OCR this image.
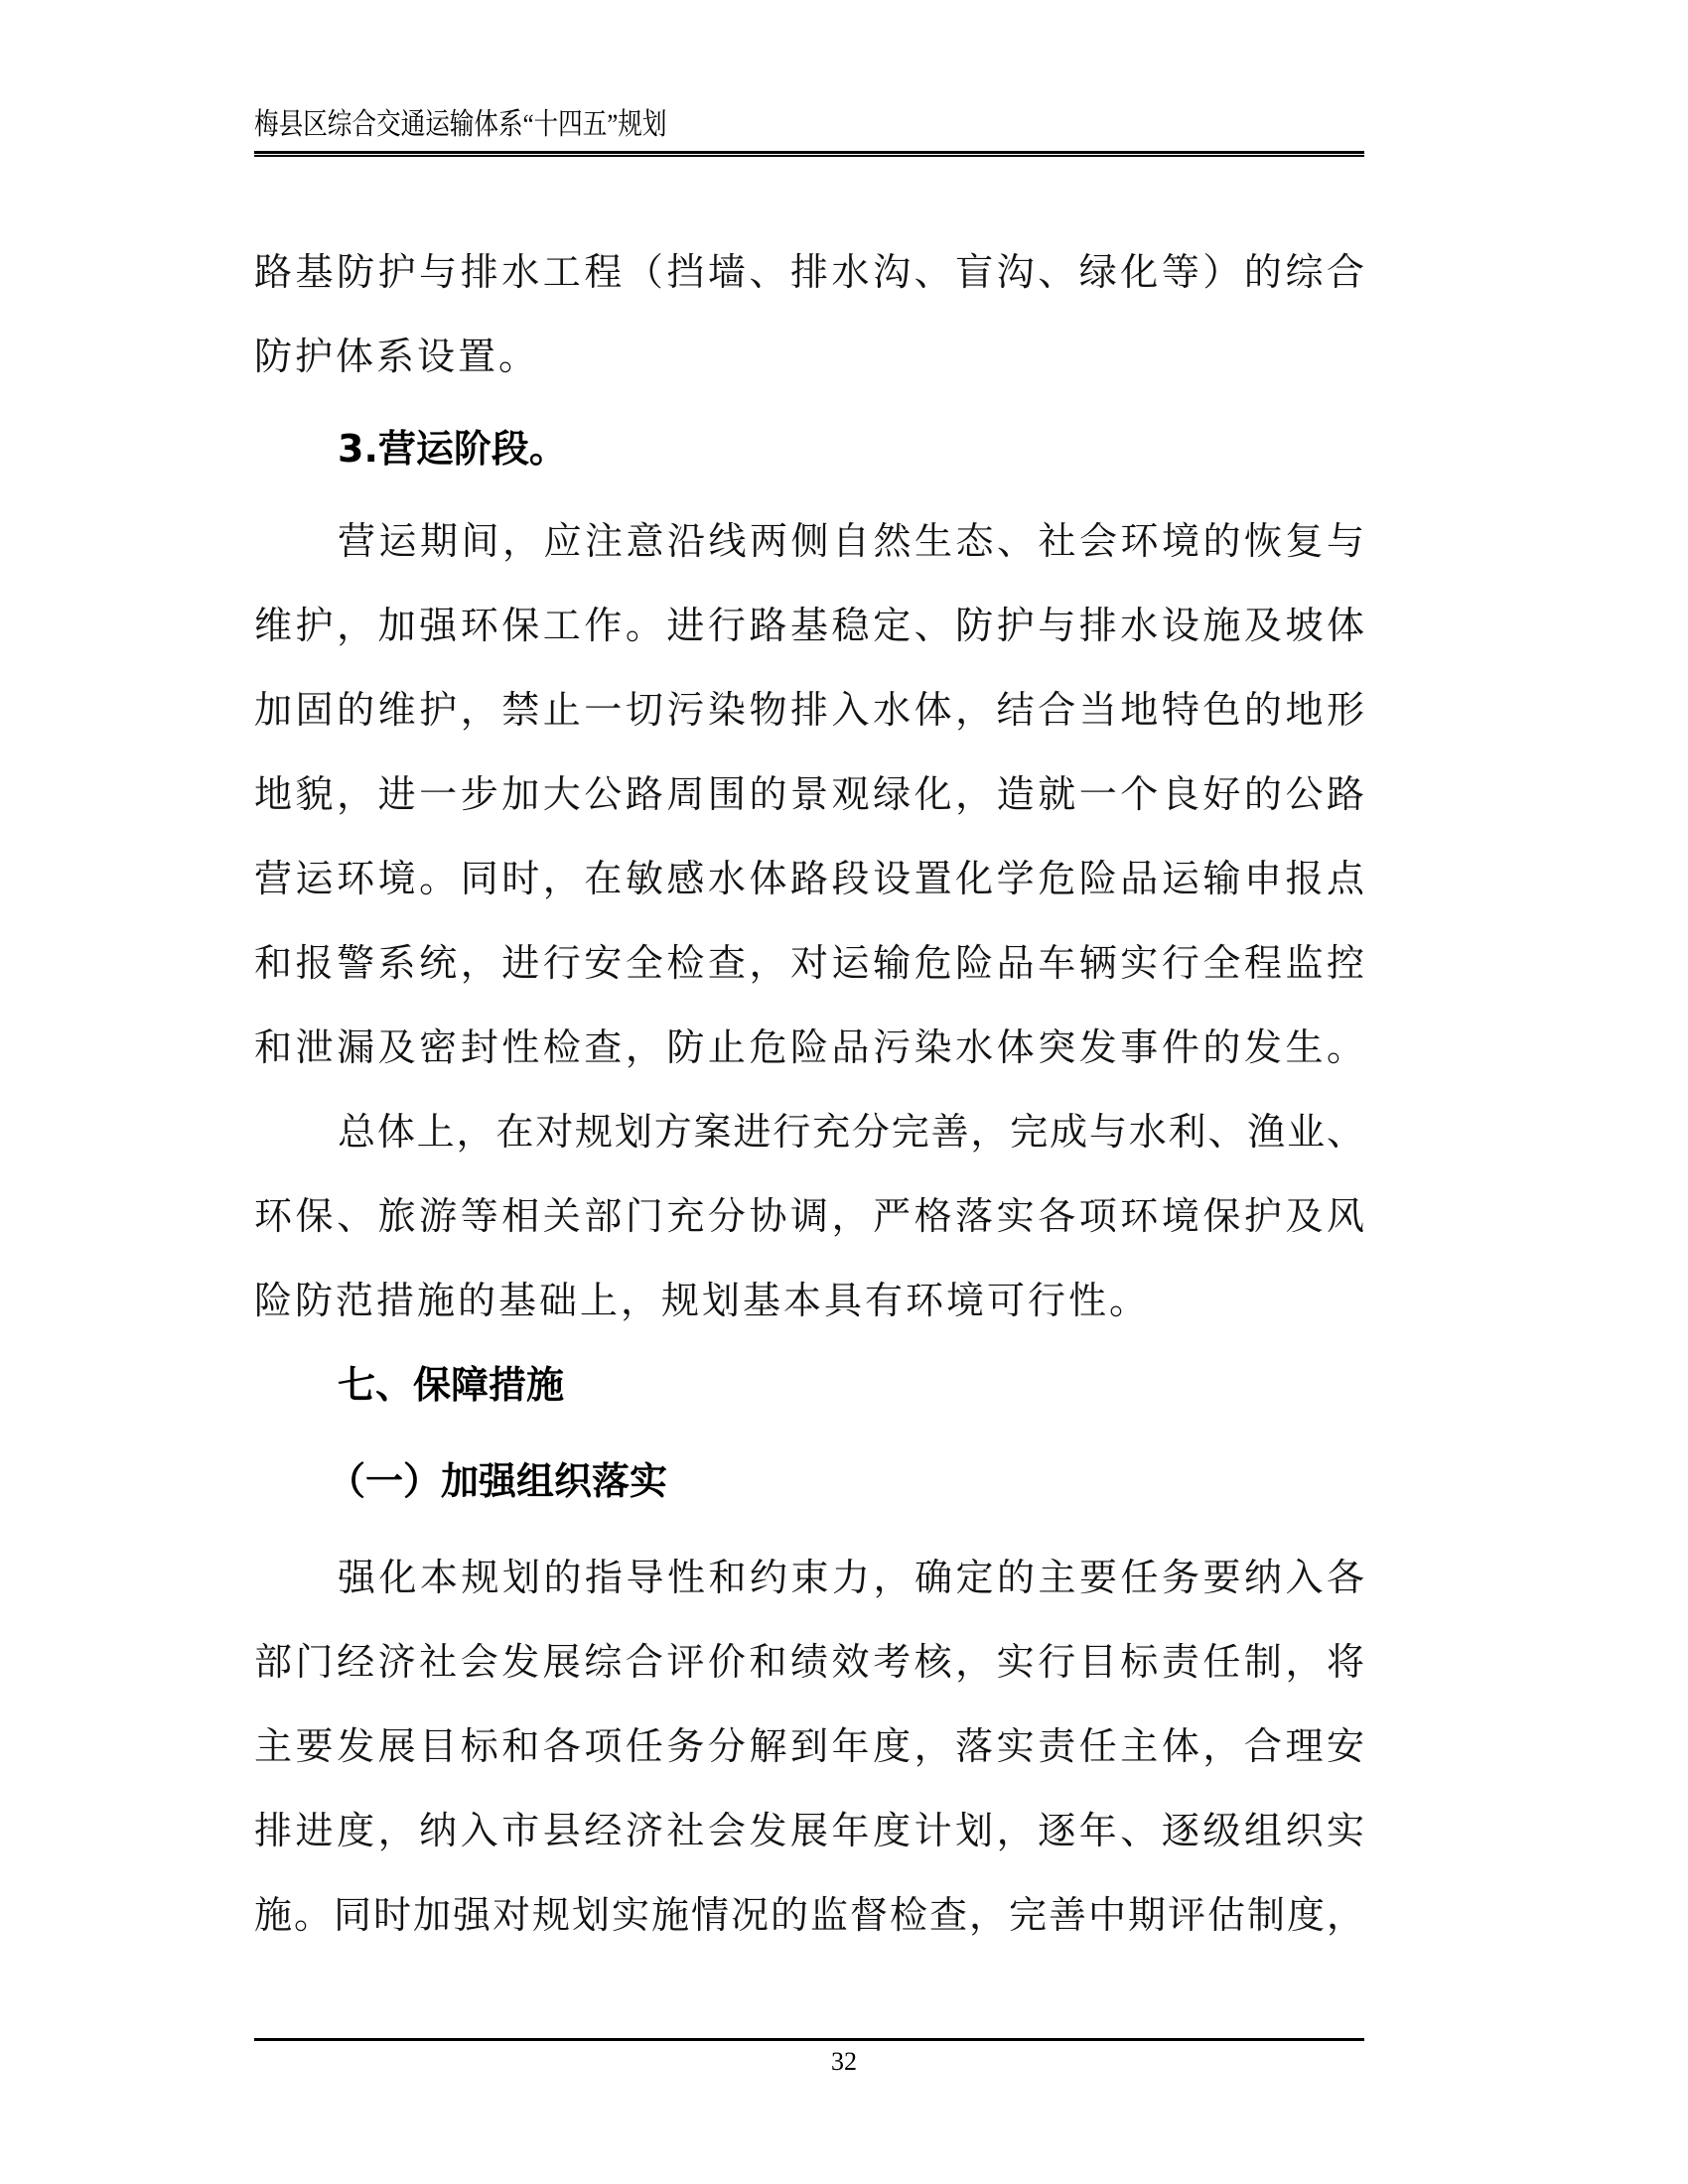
梅县区综合交通运输体系“十四五”规划
路基防护与排水工程（挡墙、排水沟、盲沟、绿化等）的综合
防护体系设置。
3.营运阶段。
营运期间，应注意沿线两侧自然生态、社会环境的恢复与
维护，加强环保工作。进行路基稳定、防护与排水设施及坡体
加固的维护，禁止一切污染物排入水体，结合当地特色的地形
地貌，进一步加大公路周围的景观绿化，造就一个良好的公路
营运环境。同时，在敏感水体路段设置化学危险品运输申报点
和报警系统，进行安全检查，对运输危险品车辆实行全程监控
和泄漏及密封性检查，防止危险品污染水体突发事件的发生。
总体上，在对规划方案进行充分完善，完成与水利、渔业、
环保、旅游等相关部门充分协调，严格落实各项环境保护及风
险防范措施的基础上，规划基本具有环境可行性。
七、保障措施
（一）加强组织落实
强化本规划的指导性和约束力，确定的主要任务要纳入各
部门经济社会发展综合评价和绩效考核，实行目标责任制，将
主要发展目标和各项任务分解到年度，落实责任主体，合理安
排进度，纳入市县经济社会发展年度计划，逐年、逐级组织实
施。同时加强对规划实施情况的监督检查，完善中期评估制度，
32
